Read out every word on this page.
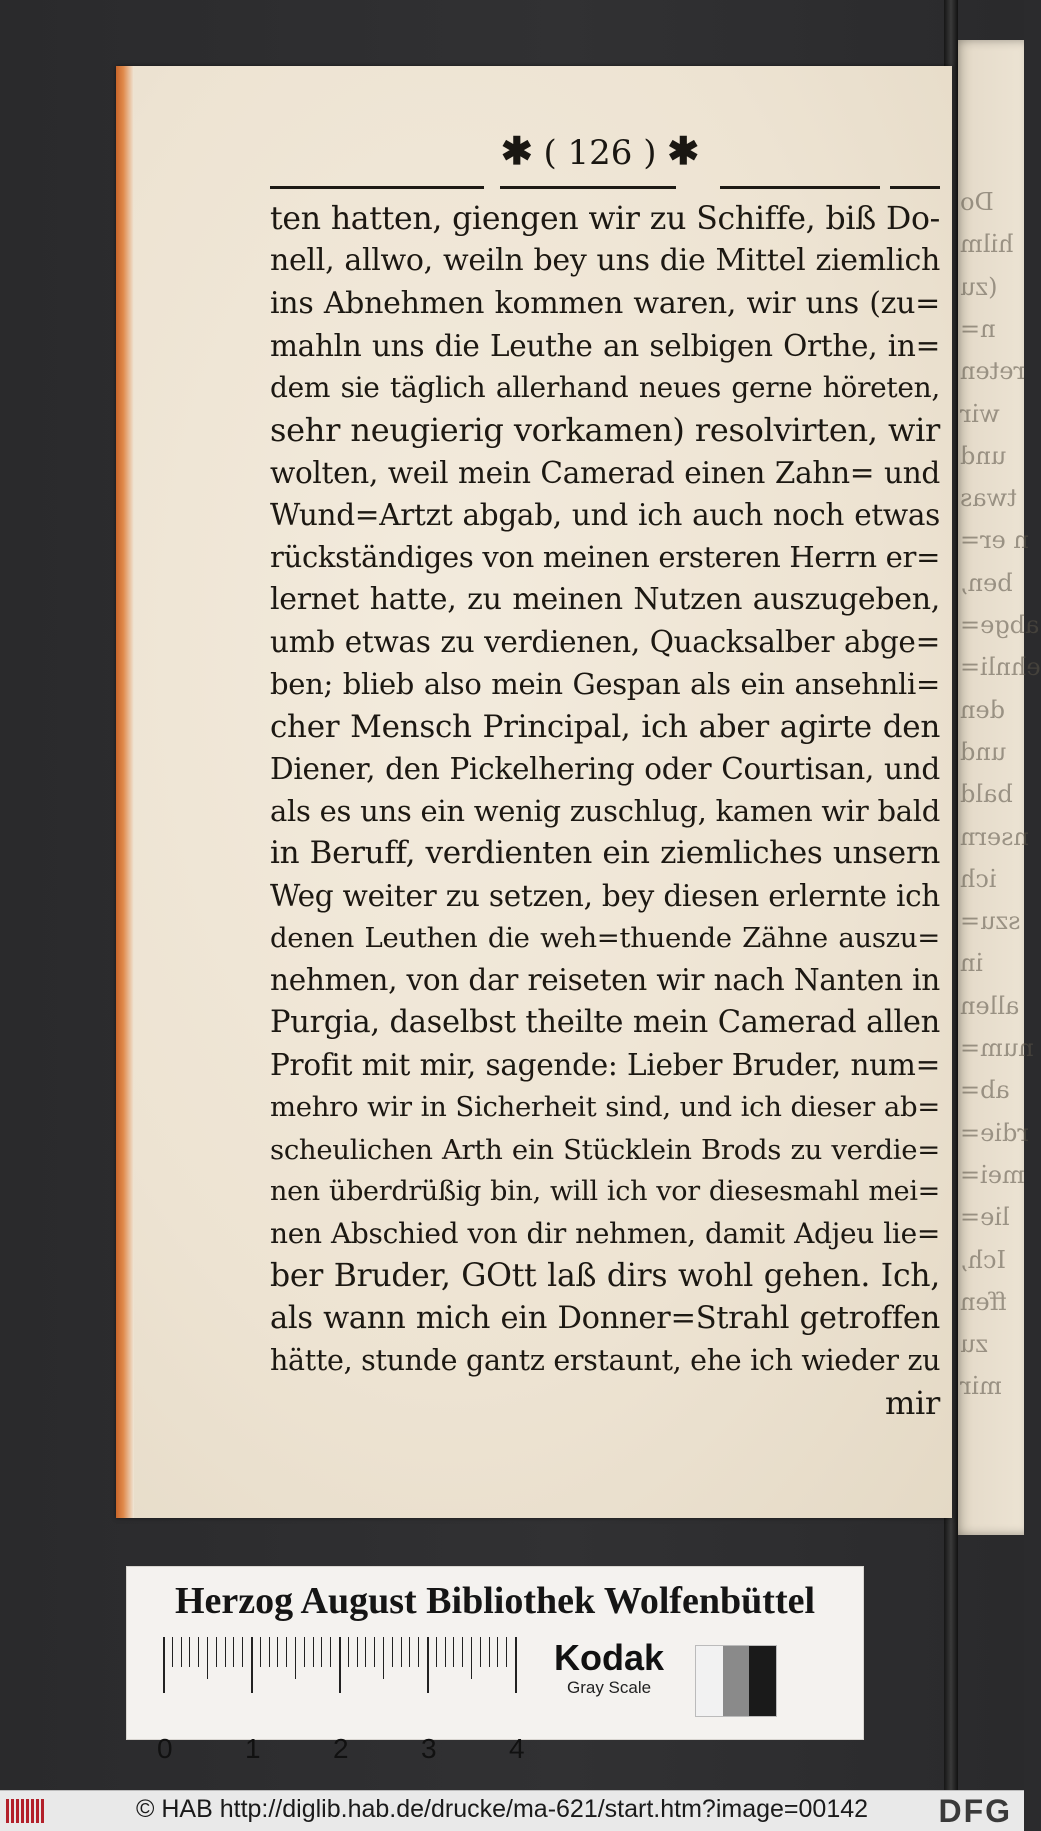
Do
hilm
(zu
n=
reten
wir
und
twas
n er=
ben,
abge=
ehnli=
den
und
bald
nsern
ich
szu=
in
allen
num=
ab=
rdie=
mei=
lie=
Ich,
ffen
zu
mir
✱ ( 126 ) ✱
ten hatten, giengen wir zu Schiffe, biß Do-
nell, allwo, weiln bey uns die Mittel ziemlich
ins Abnehmen kommen waren, wir uns (zu=
mahln uns die Leuthe an selbigen Orthe, in=
dem sie täglich allerhand neues gerne höreten,
sehr neugierig vorkamen) resolvirten, wir
wolten, weil mein Camerad einen Zahn= und
Wund=Artzt abgab, und ich auch noch etwas
rückständiges von meinen ersteren Herrn er=
lernet hatte, zu meinen Nutzen auszugeben,
umb etwas zu verdienen, Quacksalber abge=
ben; blieb also mein Gespan als ein ansehnli=
cher Mensch Principal, ich aber agirte den
Diener, den Pickelhering oder Courtisan, und
als es uns ein wenig zuschlug, kamen wir bald
in Beruff, verdienten ein ziemliches unsern
Weg weiter zu setzen, bey diesen erlernte ich
denen Leuthen die weh=thuende Zähne auszu=
nehmen, von dar reiseten wir nach Nanten in
Purgia, daselbst theilte mein Camerad allen
Profit mit mir, sagende: Lieber Bruder, num=
mehro wir in Sicherheit sind, und ich dieser ab=
scheulichen Arth ein Stücklein Brods zu verdie=
nen überdrüßig bin, will ich vor diesesmahl mei=
nen Abschied von dir nehmen, damit Adjeu lie=
ber Bruder, GOtt laß dirs wohl gehen. Ich,
als wann mich ein Donner=Strahl getroffen
hätte, stunde gantz erstaunt, ehe ich wieder zu
mir
Herzog August Bibliothek Wolfenbüttel
0	1	2	3	4
Kodak
Gray Scale
© HAB http://diglib.hab.de/drucke/ma-621/start.htm?image=00142 DFG
